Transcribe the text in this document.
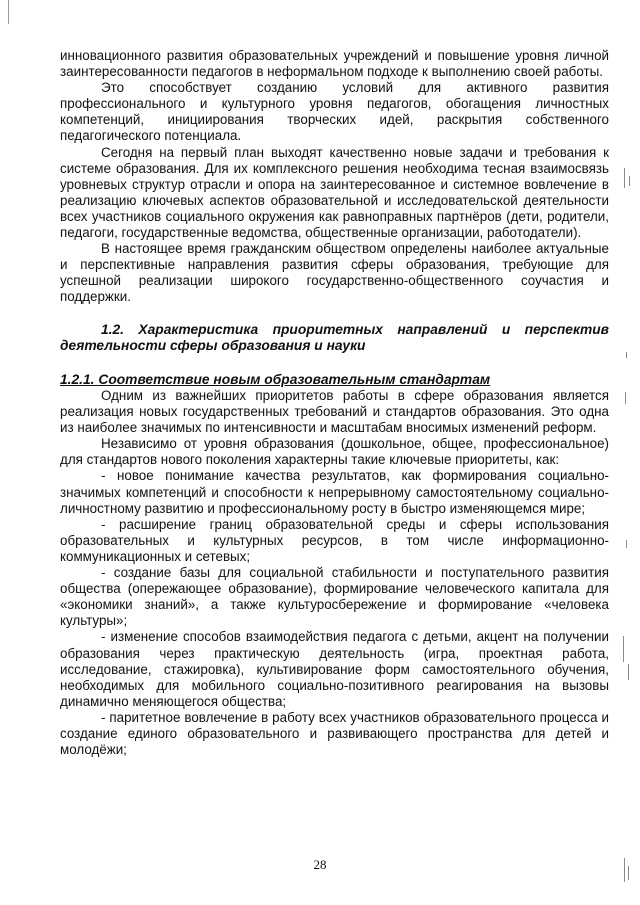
инновационного развития образовательных учреждений и повышение уровня личной заинтересованности педагогов в неформальном подходе к выполнению своей работы.

Это способствует созданию условий для активного развития профессионального и культурного уровня педагогов, обогащения личностных компетенций, инициирования творческих идей, раскрытия собственного педагогического потенциала.

Сегодня на первый план выходят качественно новые задачи и требования к системе образования. Для их комплексного решения необходима тесная взаимосвязь уровневых структур отрасли и опора на заинтересованное и системное вовлечение в реализацию ключевых аспектов образовательной и исследовательской деятельности всех участников социального окружения как равноправных партнёров (дети, родители, педагоги, государственные ведомства, общественные организации, работодатели).

В настоящее время гражданским обществом определены наиболее актуальные и перспективные направления развития сферы образования, требующие для успешной реализации широкого государственно-общественного соучастия и поддержки.

1.2. Характеристика приоритетных направлений и перспектив деятельности сферы образования и науки

1.2.1. Соответствие новым образовательным стандартам

Одним из важнейших приоритетов работы в сфере образования является реализация новых государственных требований и стандартов образования. Это одна из наиболее значимых по интенсивности и масштабам вносимых изменений реформ.

Независимо от уровня образования (дошкольное, общее, профессиональное) для стандартов нового поколения характерны такие ключевые приоритеты, как:

- новое понимание качества результатов, как формирования социально-значимых компетенций и способности к непрерывному самостоятельному социально-личностному развитию и профессиональному росту в быстро изменяющемся мире;

- расширение границ образовательной среды и сферы использования образовательных и культурных ресурсов, в том числе информационно-коммуникационных и сетевых;

- создание базы для социальной стабильности и поступательного развития общества (опережающее образование), формирование человеческого капитала для «экономики знаний», а также культуросбережение и формирование «человека культуры»;

- изменение способов взаимодействия педагога с детьми, акцент на получении образования через практическую деятельность (игра, проектная работа, исследование, стажировка), культивирование форм самостоятельного обучения, необходимых для мобильного социально-позитивного реагирования на вызовы динамично меняющегося общества;

- паритетное вовлечение в работу всех участников образовательного процесса и создание единого образовательного и развивающего пространства для детей и молодёжи;

28
